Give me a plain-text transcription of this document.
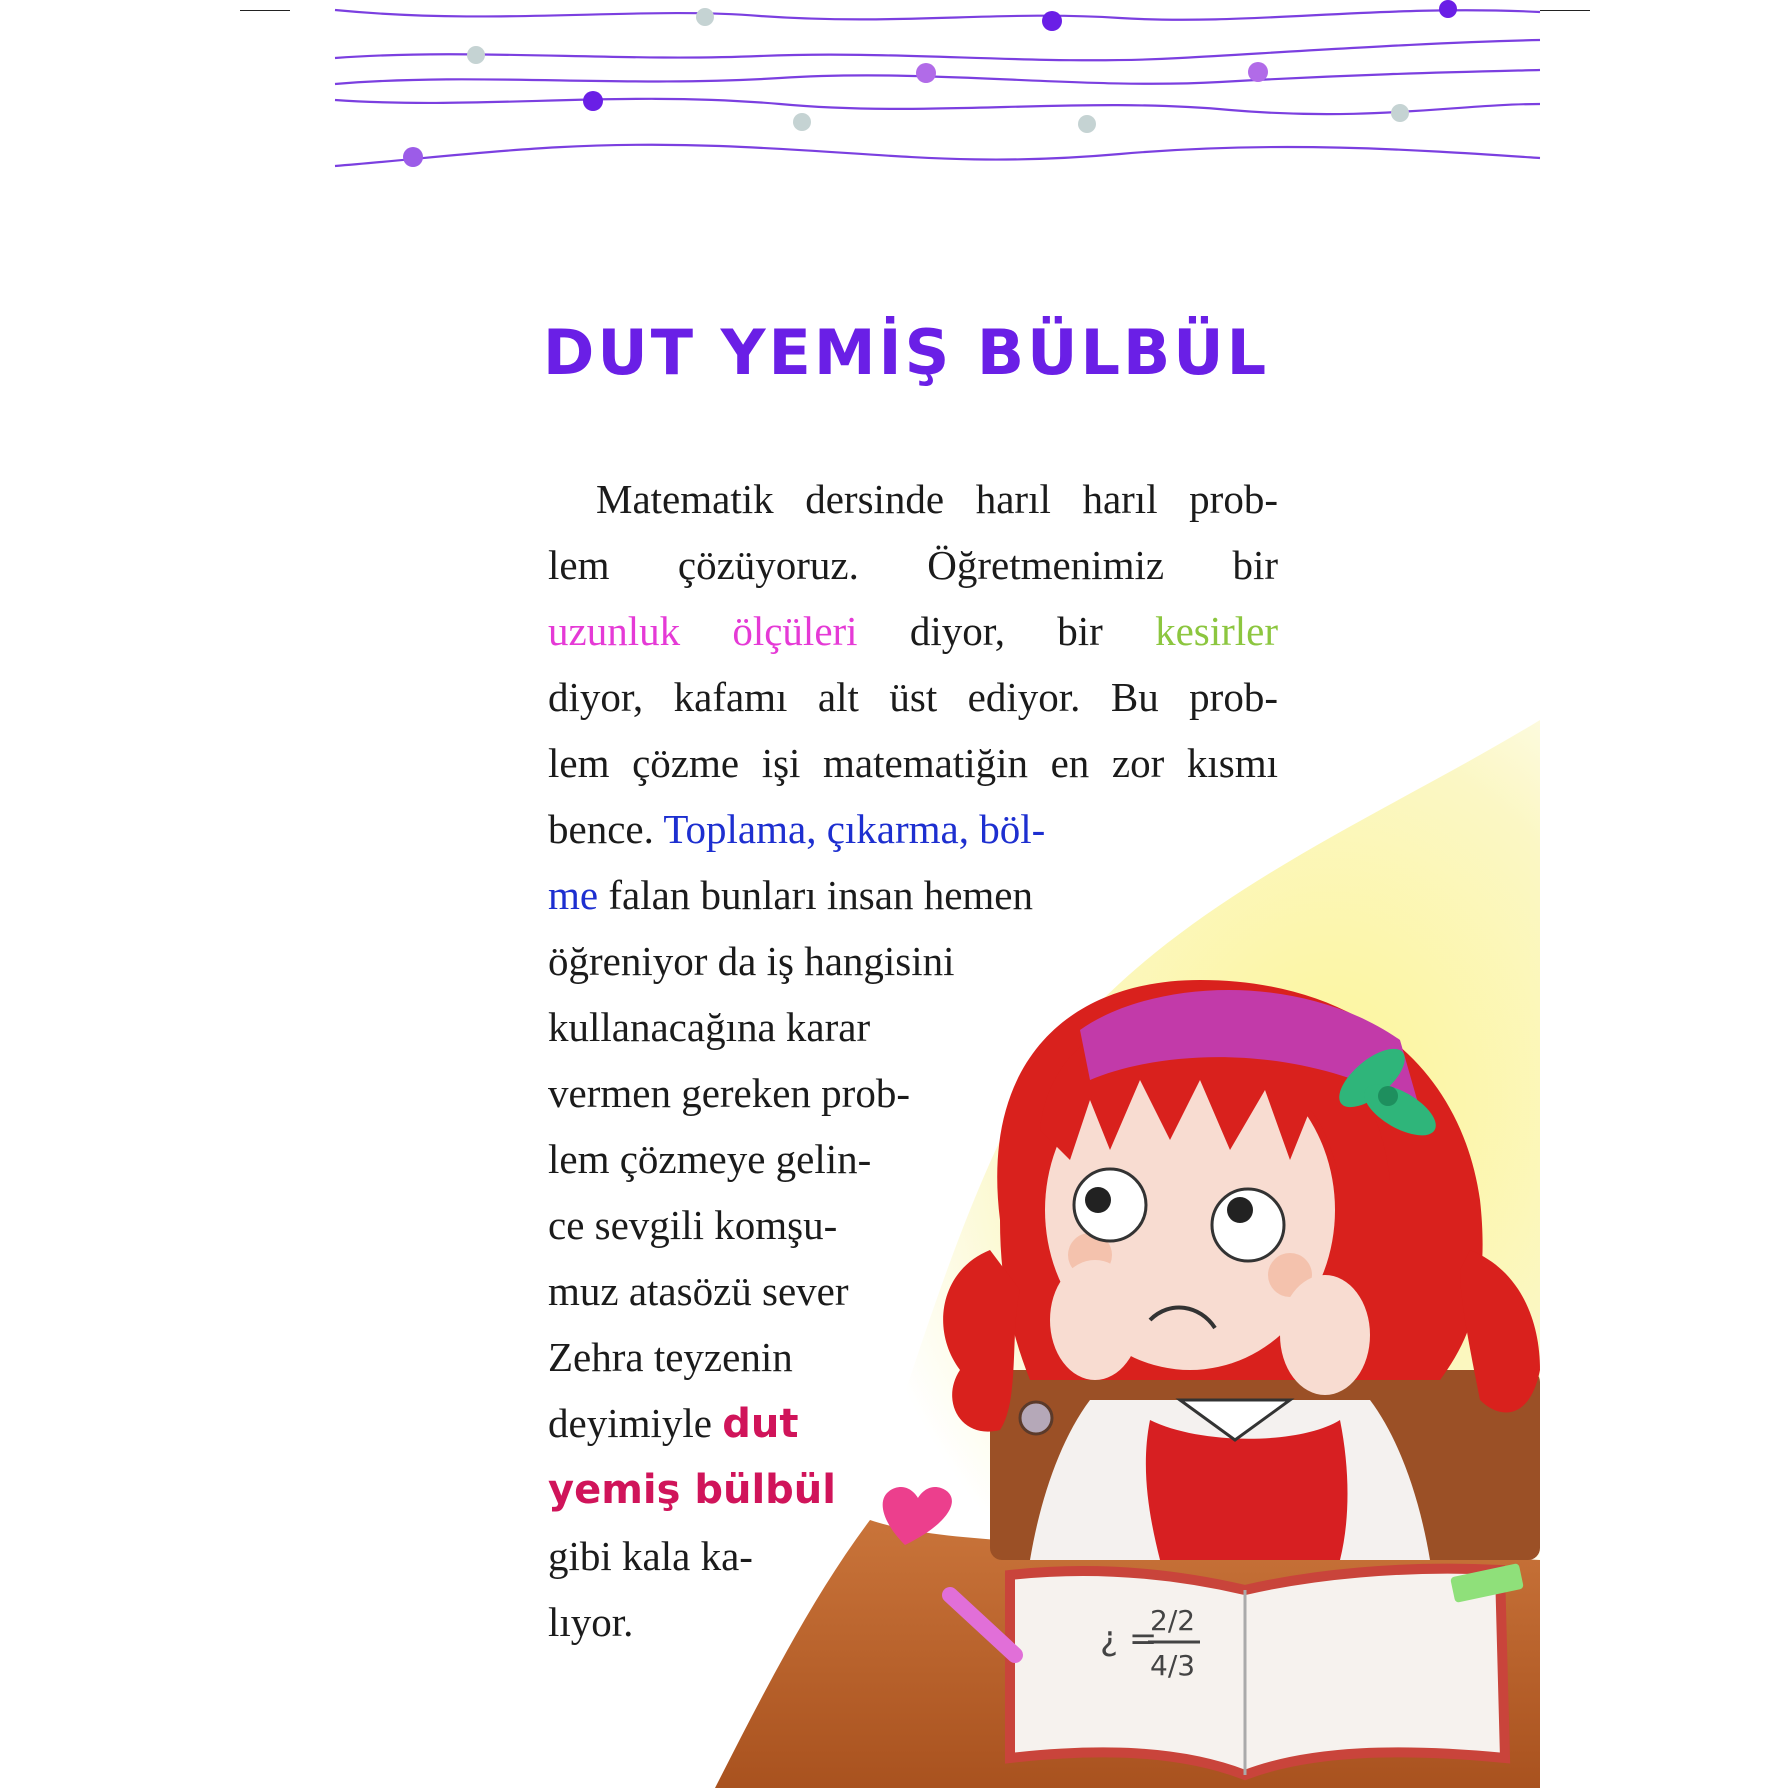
¿ =
2/2
4/3
DUT YEMİŞ BÜLBÜL
Matematik dersinde harıl harıl prob-
lem çözüyoruz. Öğretmenimiz bir
uzunluk ölçüleri diyor, bir kesirler
diyor, kafamı alt üst ediyor. Bu prob-
lem çözme işi matematiğin en zor kısmı
bence. Toplama, çıkarma, böl-
me falan bunları insan hemen
öğreniyor da iş hangisini
kullanacağına karar
vermen gereken prob-
lem çözmeye gelin-
ce sevgili komşu-
muz atasözü sever
Zehra teyzenin
deyimiyle dut
yemiş bülbül
gibi kala ka-
lıyor.
